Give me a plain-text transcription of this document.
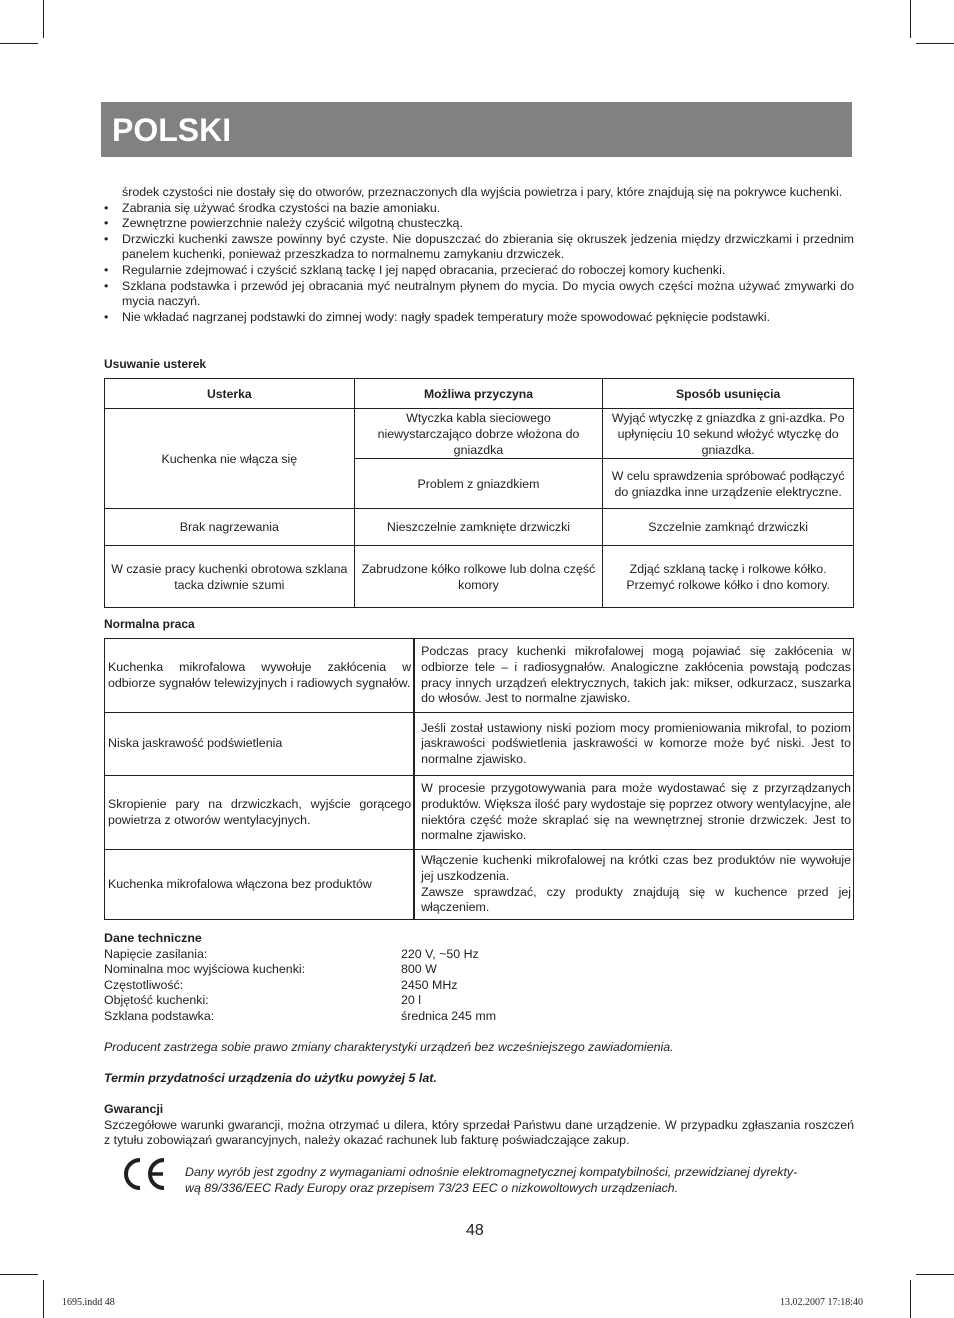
POLSKI

środek czystości nie dostały się do otworów, przeznaczonych dla wyjścia powietrza i pary, które znajdują się na pokrywce kuchenki.

• Zabrania się używać środka czystości na bazie amoniaku.
• Zewnętrzne powierzchnie należy czyścić wilgotną chusteczką.
• Drzwiczki kuchenki zawsze powinny być czyste. Nie dopuszczać do zbierania się okruszek jedzenia między drzwiczkami i przednim panelem kuchenki, ponieważ przeszkadza to normalnemu zamykaniu drzwiczek.
• Regularnie zdejmować i czyścić szklaną tackę I jej napęd obracania, przecierać do roboczej komory kuchenki.
• Szklana podstawka i przewód jej obracania myć neutralnym płynem do mycia. Do mycia owych części można używać zmywarki do mycia naczyń.
• Nie wkładać nagrzanej podstawki do zimnej wody: nagły spadek temperatury może spowodować pęknięcie podstawki.
Usuwanie usterek
Usterka	Możliwa przyczyna	Sposób usunięcia
Kuchenka nie włącza się	Wtyczka kabla sieciowego niewystarczająco dobrze włożona do gniazdka	Wyjąć wtyczkę z gniazdka z gni-azdka. Po upłynięciu 10 sekund włożyć wtyczkę do gniazdka.
	Problem z gniazdkiem	W celu sprawdzenia spróbować podłączyć do gniazdka inne urządzenie elektryczne.
Brak nagrzewania	Nieszczelnie zamknięte drzwiczki	Szczelnie zamknąć drzwiczki
W czasie pracy kuchenki obrotowa szklana tacka dziwnie szumi	Zabrudzone kółko rolkowe lub dolna część komory	Zdjąć szklaną tackę i rolkowe kółko. Przemyć rolkowe kółko i dno komory.
Normalna praca
Kuchenka mikrofalowa wywołuje zakłócenia w odbiorze sygnałów telewizyjnych i radiowych sygnałów.	Podczas pracy kuchenki mikrofalowej mogą pojawiać się zakłócenia w odbiorze tele – i radiosygnałów. Analogiczne zakłócenia powstają podczas pracy innych urządzeń elektrycznych, takich jak: mikser, odkurzacz, suszarka do włosów. Jest to normalne zjawisko.
Niska jaskrawość podświetlenia	Jeśli został ustawiony niski poziom mocy promieniowania mikrofal, to poziom jaskrawości podświetlenia jaskrawości w komorze może być niski. Jest to normalne zjawisko.
Skropienie pary na drzwiczkach, wyjście gorącego powietrza z otworów wentylacyjnych.	W procesie przygotowywania para może wydostawać się z przyrządzanych produktów. Większa ilość pary wydostaje się poprzez otwory wentylacyjne, ale niektóra część może skraplać się na wewnętrznej stronie drzwiczek. Jest to normalne zjawisko.
Kuchenka mikrofalowa włączona bez produktów	Włączenie kuchenki mikrofalowej na krótki czas bez produktów nie wywołuje jej uszkodzenia.
Zawsze sprawdzać, czy produkty znajdują się w kuchence przed jej włączeniem.
Dane techniczne
Napięcie zasilania:	220 V, ~50 Hz
Nominalna moc wyjściowa kuchenki:	800 W
Częstotliwość:	2450 MHz
Objętość kuchenki:	20 l
Szklana podstawka:	średnica 245 mm
Producent zastrzega sobie prawo zmiany charakterystyki urządzeń bez wcześniejszego zawiadomienia.
Termin przydatności urządzenia do użytku powyżej 5 lat.
Gwarancji
Szczegółowe warunki gwarancji, można otrzymać u dilera, który sprzedał Państwu dane urządzenie. W przypadku zgłaszania roszczeń z tytułu zobowiązań gwarancyjnych, należy okazać rachunek lub fakturę poświadczające zakup.
Dany wyrób jest zgodny z wymaganiami odnośnie elektromagnetycznej kompatybilności, przewidzianej dyrekty-
wą 89/336/EEC Rady Europy oraz przepisem 73/23 EEC o nizkowoltowych urządzeniach.
48
1695.indd 48	13.02.2007 17:18:40
